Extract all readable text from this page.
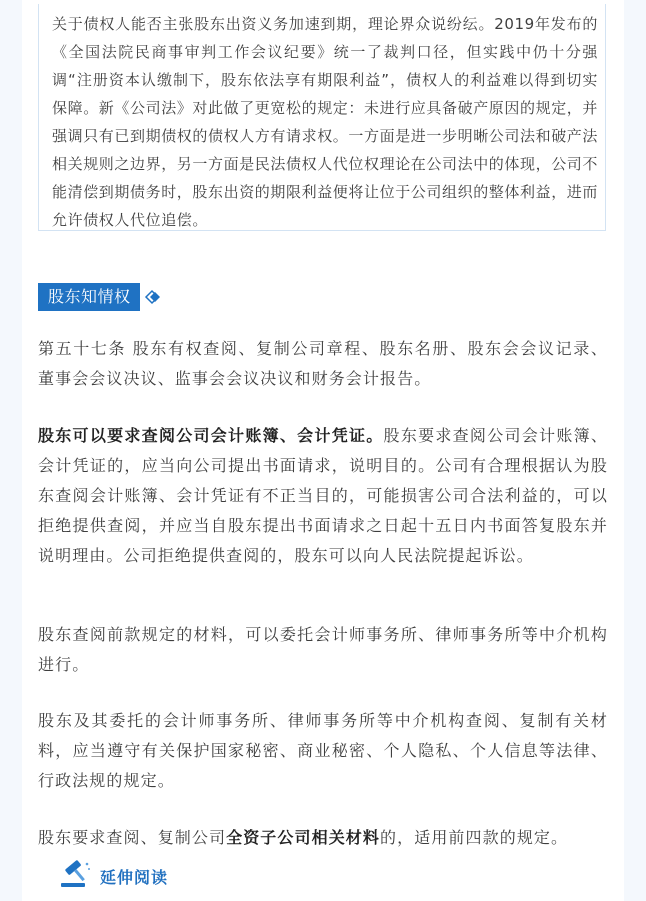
关于债权人能否主张股东出资义务加速到期，理论界众说纷纭。2019年发布的《全国法院民商事审判工作会议纪要》统一了裁判口径，但实践中仍十分强调“注册资本认缴制下，股东依法享有期限利益”，债权人的利益难以得到切实保障。新《公司法》对此做了更宽松的规定：未进行应具备破产原因的规定，并强调只有已到期债权的债权人方有请求权。一方面是进一步明晰公司法和破产法相关规则之边界，另一方面是民法债权人代位权理论在公司法中的体现，公司不能清偿到期债务时，股东出资的期限利益便将让位于公司组织的整体利益，进而允许债权人代位追偿。

股东知情权

第五十七条 股东有权查阅、复制公司章程、股东名册、股东会会议记录、董事会会议决议、监事会会议决议和财务会计报告。

股东可以要求查阅公司会计账簿、会计凭证。股东要求查阅公司会计账簿、会计凭证的，应当向公司提出书面请求，说明目的。公司有合理根据认为股东查阅会计账簿、会计凭证有不正当目的，可能损害公司合法利益的，可以拒绝提供查阅，并应当自股东提出书面请求之日起十五日内书面答复股东并说明理由。公司拒绝提供查阅的，股东可以向人民法院提起诉讼。

股东查阅前款规定的材料，可以委托会计师事务所、律师事务所等中介机构进行。

股东及其委托的会计师事务所、律师事务所等中介机构查阅、复制有关材料，应当遵守有关保护国家秘密、商业秘密、个人隐私、个人信息等法律、行政法规的规定。

股东要求查阅、复制公司全资子公司相关材料的，适用前四款的规定。

延伸阅读
